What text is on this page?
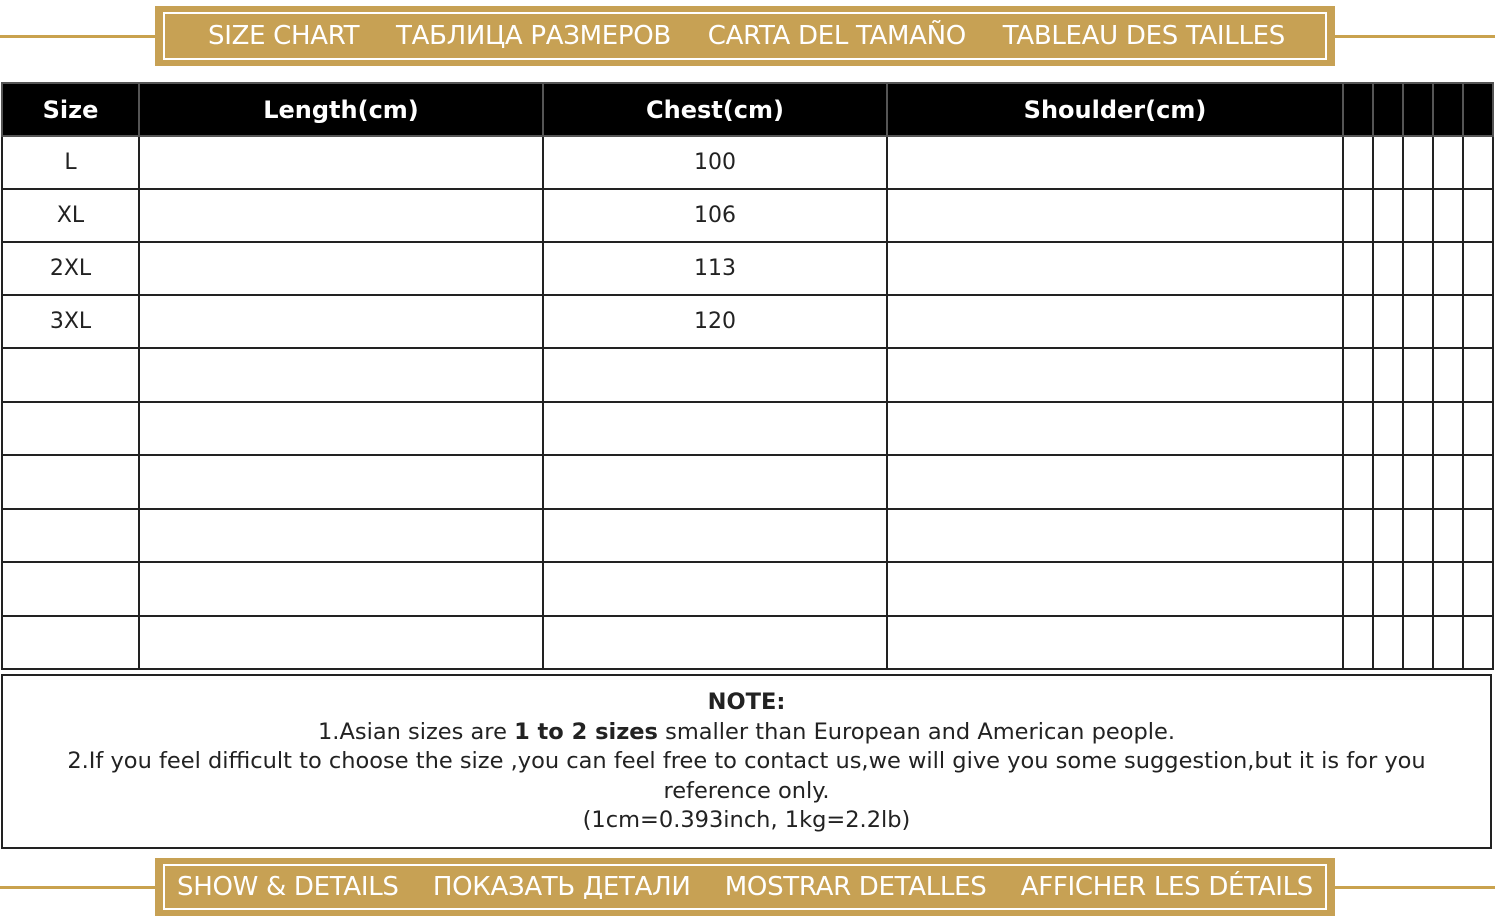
SIZE CHART ТАБЛИЦА РАЗМЕРОВ CARTA DEL TAMAÑO TABLEAU DES TAILLES
Size	Length(cm)	Chest(cm)	Shoulder(cm)					
L		100						
XL		106						
2XL		113						
3XL		120						

NOTE:
1.Asian sizes are 1 to 2 sizes smaller than European and American people.
2.If you feel difficult to choose the size ,you can feel free to contact us,we will give you some suggestion,but it is for you reference only.
(1cm=0.393inch, 1kg=2.2lb)
SHOW & DETAILS ПОКАЗАТЬ ДЕТАЛИ MOSTRAR DETALLES AFFICHER LES DÉTAILS
